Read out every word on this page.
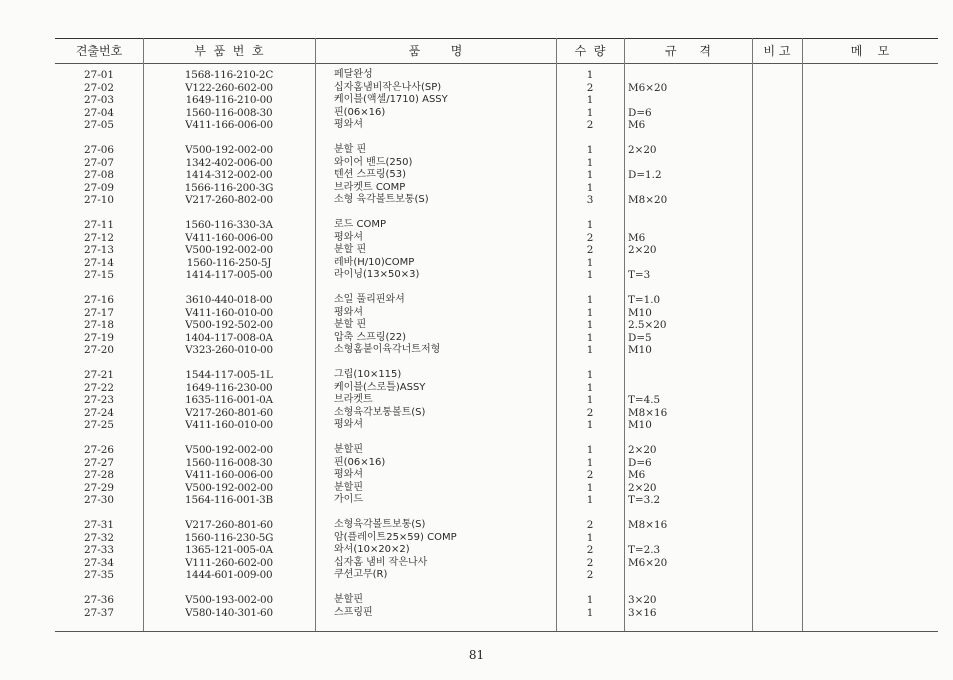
견출번호	부  품  번  호	품        명	수  량	규      격	비 고	메    모
27-01	1568-116-210-2C	페달완성	1
27-02	V122-260-602-00	십자홈냄비작은나사(SP)	2	M6×20
27-03	1649-116-210-00	케이블(액셀/1710) ASSY	1
27-04	1560-116-008-30	핀(06×16)	1	D=6
27-05	V411-166-006-00	평와셔	2	M6
27-06	V500-192-002-00	분할 핀	1	2×20
27-07	1342-402-006-00	와이어 밴드(250)	1
27-08	1414-312-002-00	텐션 스프링(53)	1	D=1.2
27-09	1566-116-200-3G	브라켓트 COMP	1
27-10	V217-260-802-00	소형 육각볼트보통(S)	3	M8×20
27-11	1560-116-330-3A	로드 COMP	1
27-12	V411-160-006-00	평와셔	2	M6
27-13	V500-192-002-00	분할 핀	2	2×20
27-14	1560-116-250-5J	레바(H/10)COMP	1
27-15	1414-117-005-00	라이닝(13×50×3)	1	T=3
27-16	3610-440-018-00	소일 풀리핀와셔	1	T=1.0
27-17	V411-160-010-00	평와셔	1	M10
27-18	V500-192-502-00	분할 핀	1	2.5×20
27-19	1404-117-008-0A	압축 스프링(22)	1	D=5
27-20	V323-260-010-00	소형홈붙이육각너트저형	1	M10
27-21	1544-117-005-1L	그립(10×115)	1
27-22	1649-116-230-00	케이블(스로틀)ASSY	1
27-23	1635-116-001-0A	브라켓트	1	T=4.5
27-24	V217-260-801-60	소형육각보통볼트(S)	2	M8×16
27-25	V411-160-010-00	평와셔	1	M10
27-26	V500-192-002-00	분할핀	1	2×20
27-27	1560-116-008-30	핀(06×16)	1	D=6
27-28	V411-160-006-00	평와셔	2	M6
27-29	V500-192-002-00	분할핀	1	2×20
27-30	1564-116-001-3B	가이드	1	T=3.2
27-31	V217-260-801-60	소형육각볼트보통(S)	2	M8×16
27-32	1560-116-230-5G	암(플레이트25×59) COMP	1
27-33	1365-121-005-0A	와셔(10×20×2)	2	T=2.3
27-34	V111-260-602-00	십자홈 냄비 작은나사	2	M6×20
27-35	1444-601-009-00	쿠션고무(R)	2
27-36	V500-193-002-00	분할핀	1	3×20
27-37	V580-140-301-60	스프링핀	1	3×16
81
